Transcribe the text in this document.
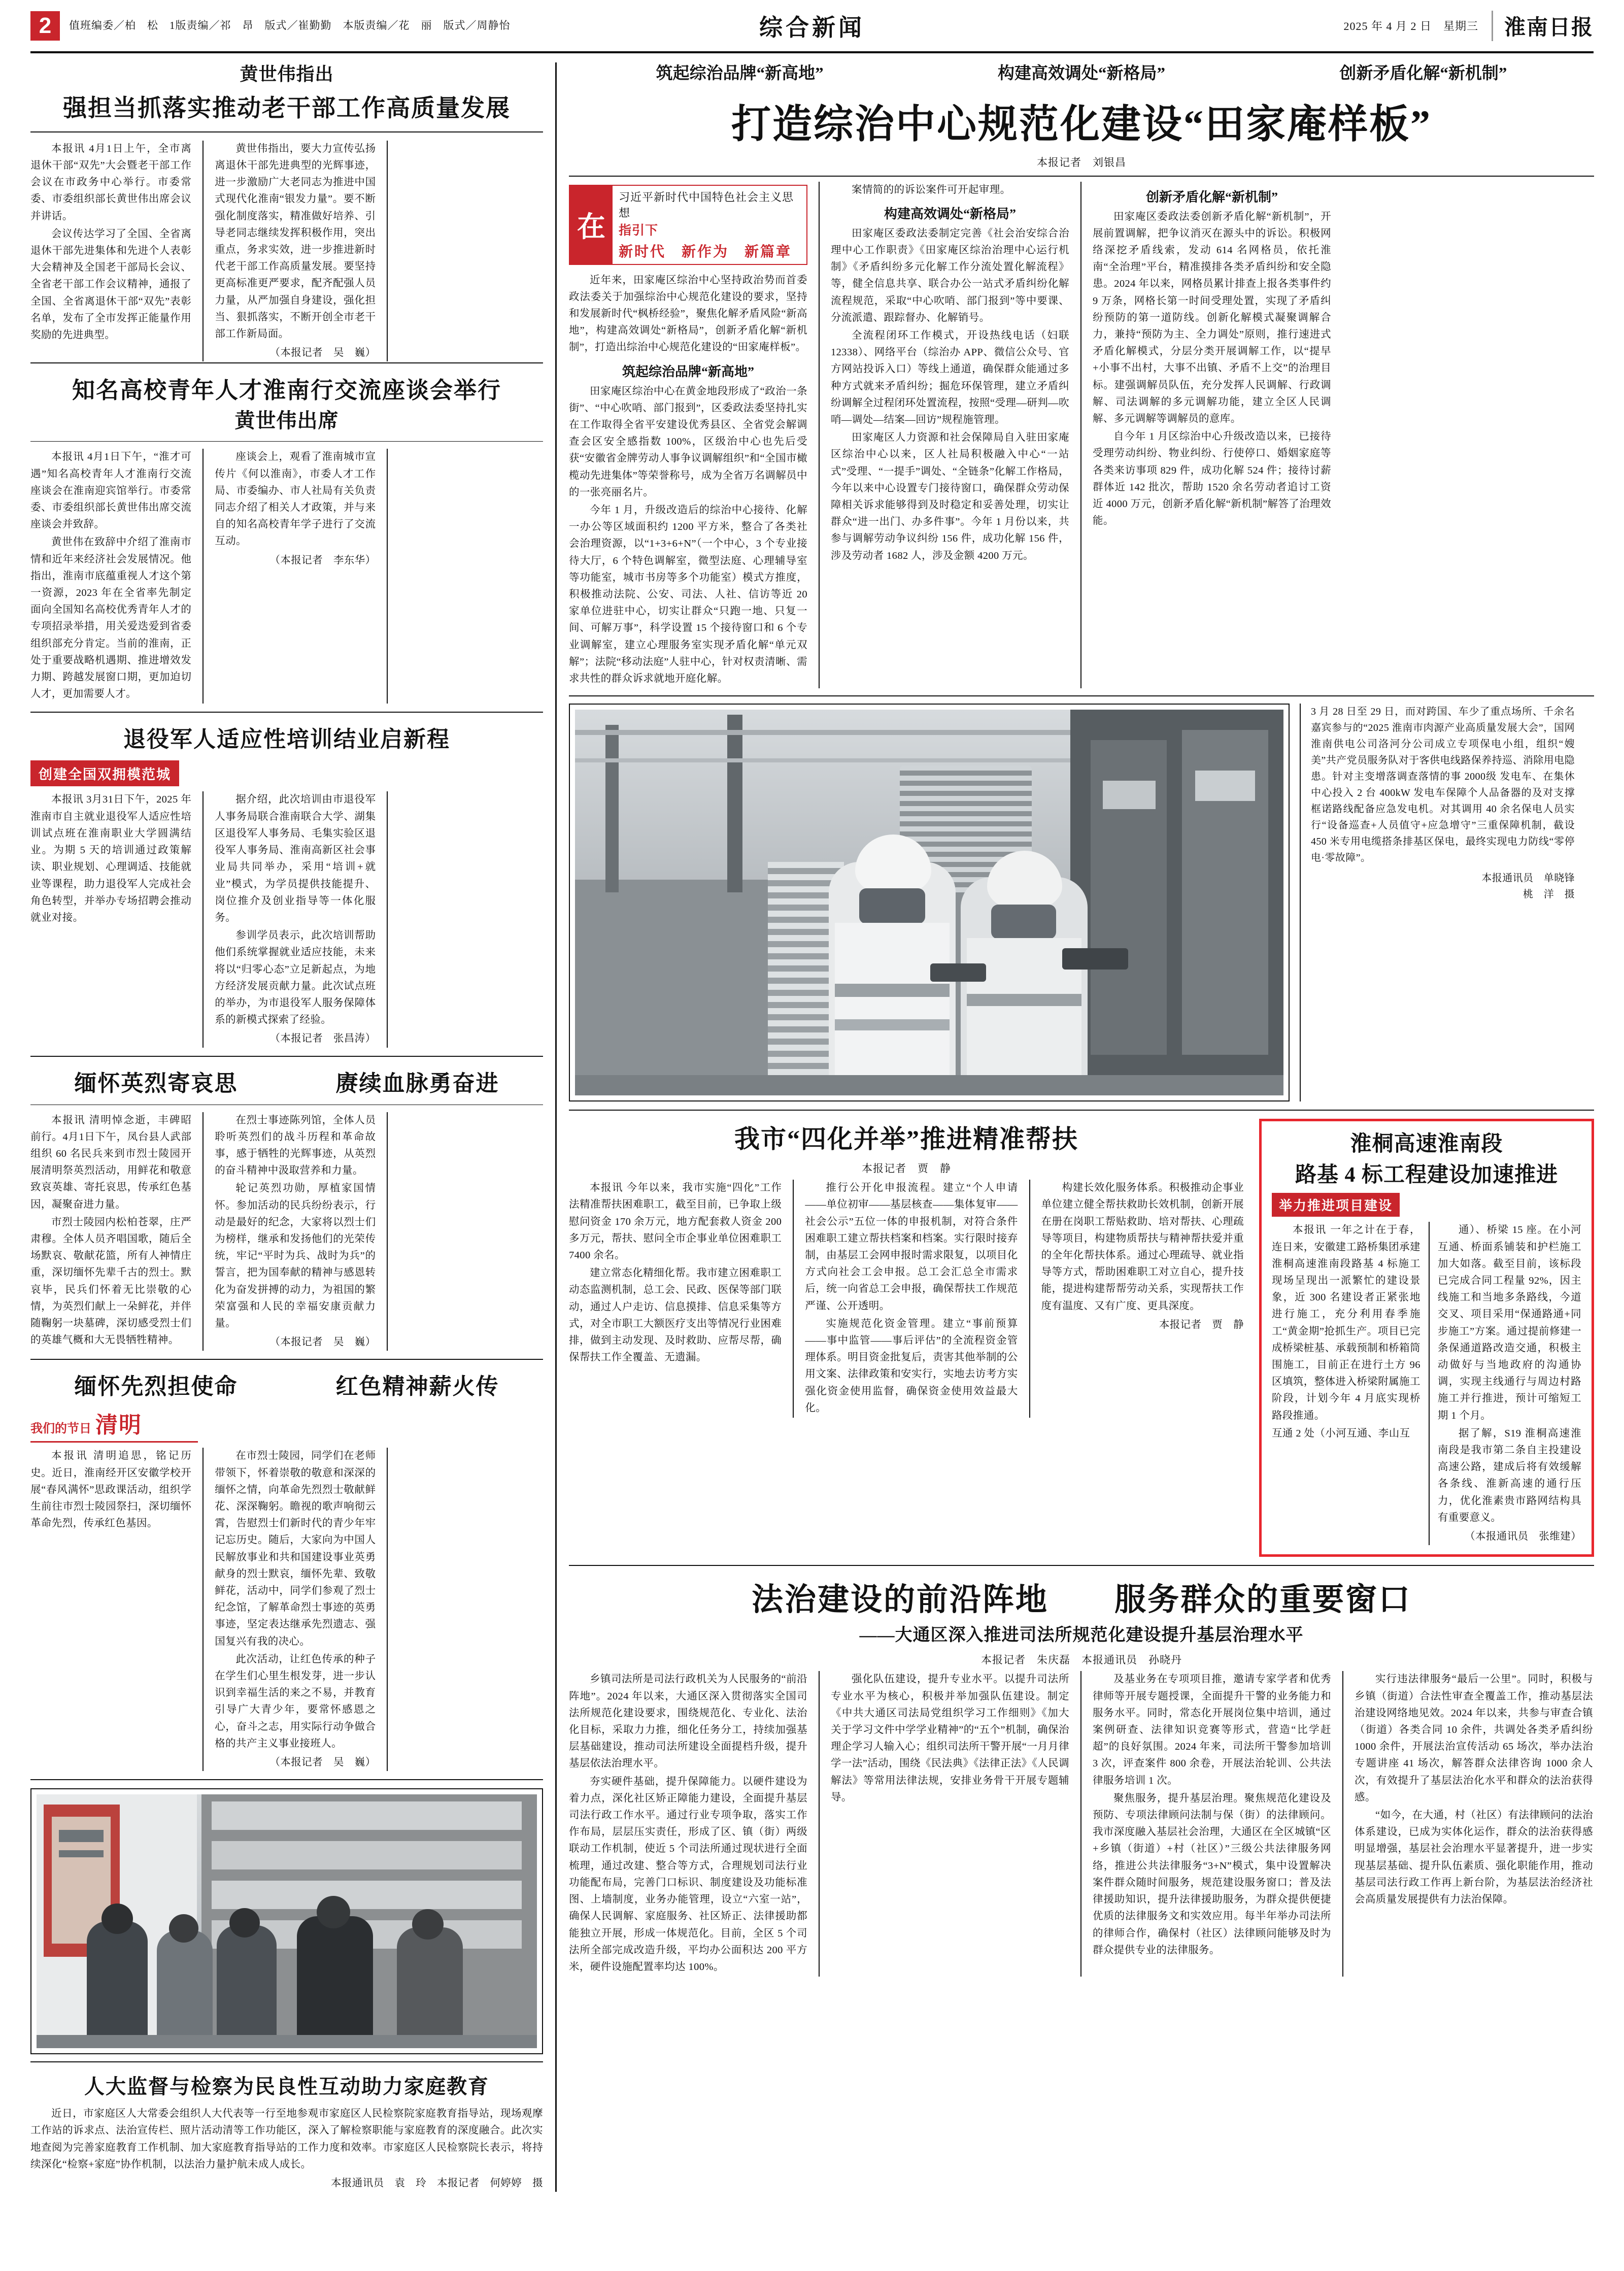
2	值班编委／柏　松　1版责编／祁　昂　版式／崔勤勤　本版责编／花　丽　版式／周静怡	综合新闻	2025 年 4 月 2 日　星期三	淮南日报
黄世伟指出
强担当抓落实推动老干部工作高质量发展

本报讯 4月1日上午，全市离退休干部“双先”大会暨老干部工作会议在市政务中心举行。市委常委、市委组织部长黄世伟出席会议并讲话。

会议传达学习了全国、全省离退休干部先进集体和先进个人表彰大会精神及全国老干部局长会议、全省老干部工作会议精神，通报了全国、全省离退休干部“双先”表彰名单，发布了全市发挥正能量作用奖励的先进典型。

黄世伟指出，要大力宣传弘扬离退休干部先进典型的光辉事迹，进一步激励广大老同志为推进中国式现代化淮南“银发力量”。要不断强化制度落实，精准做好培养、引导老同志继续发挥积极作用，突出重点，务求实效，进一步推进新时代老干部工作高质量发展。要坚持更高标准更严要求，配齐配强人员力量，从严加强自身建设，强化担当、狠抓落实，不断开创全市老干部工作新局面。

（本报记者　吴　巍）
知名高校青年人才淮南行交流座谈会举行
黄世伟出席

本报讯 4月1日下午，“淮才可遇”知名高校青年人才淮南行交流座谈会在淮南迎宾馆举行。市委常委、市委组织部长黄世伟出席交流座谈会并致辞。

黄世伟在致辞中介绍了淮南市情和近年来经济社会发展情况。他指出，淮南市底蕴重视人才这个第一资源，2023 年在全省率先制定面向全国知名高校优秀青年人才的专项招录举措，用关爱迭爱到省委组织部充分肯定。当前的淮南，正处于重要战略机遇期、推进增效发力期、跨越发展窗口期，更加迫切人才，更加需要人才。

座谈会上，观看了淮南城市宣传片《何以淮南》，市委人才工作局、市委编办、市人社局有关负责同志介绍了相关人才政策，并与来自的知名高校青年学子进行了交流互动。

（本报记者　李东华）
退役军人适应性培训结业启新程
创建全国双拥模范城

本报讯 3月31日下午，2025 年淮南市自主就业退役军人适应性培训试点班在淮南职业大学圆满结业。为期 5 天的培训通过政策解读、职业规划、心理调适、技能就业等课程，助力退役军人完成社会角色转型，并举办专场招聘会推动就业对接。

据介绍，此次培训由市退役军人事务局联合淮南联合大学、湖集区退役军人事务局、毛集实验区退役军人事务局、淮南高新区社会事业局共同举办，采用“培训+就业”模式，为学员提供技能提升、岗位推介及创业指导等一体化服务。

参训学员表示，此次培训帮助他们系统掌握就业适应技能，未来将以“归零心态”立足新起点，为地方经济发展贡献力量。此次试点班的举办，为市退役军人服务保障体系的新模式探索了经验。

（本报记者　张昌涛）
缅怀英烈寄哀思	赓续血脉勇奋进

本报讯 清明悼念逝，丰碑昭前行。4月1日下午，凤台县人武部组织 60 名民兵来到市烈士陵园开展清明祭英烈活动，用鲜花和敬意致哀英雄、寄托哀思，传承红色基因，凝聚奋进力量。

市烈士陵园内松柏苍翠，庄严肃穆。全体人员齐唱国歌，随后全场默哀、敬献花篮，所有人神情庄重，深切缅怀先辈千古的烈士。默哀毕，民兵们怀着无比崇敬的心情，为英烈们献上一朵鲜花，并伴随鞠躬一块墓碑，深切感受烈士们的英雄气概和大无畏牺牲精神。

在烈士事迹陈列馆，全体人员聆听英烈们的战斗历程和革命故事，感于牺牲的光辉事迹，从英烈的奋斗精神中汲取营养和力量。

轮记英烈功勋，厚植家国情怀。参加活动的民兵纷纷表示，行动是最好的纪念，大家将以烈士们为榜样，继承和发扬他们的光荣传统，牢记“平时为兵、战时为兵”的誓言，把为国奉献的精神与感恩转化为奋发拼搏的动力，为祖国的繁荣富强和人民的幸福安康贡献力量。

（本报记者　吴　巍）
缅怀先烈担使命	红色精神薪火传
我们的节日 清明

本报讯 清明追思，铭记历史。近日，淮南经开区安徽学校开展“春风满怀”思政课活动，组织学生前往市烈士陵园祭扫，深切缅怀革命先烈，传承红色基因。

在市烈士陵园，同学们在老师带领下，怀着崇敬的敬意和深深的缅怀之情，向革命先烈烈士敬献鲜花、深深鞠躬。瞻视的歌声响彻云霄，告慰烈士们新时代的青少年牢记忘历史。随后，大家向为中国人民解放事业和共和国建设事业英勇献身的烈士默哀，缅怀先辈、致敬鲜花，活动中，同学们参观了烈士纪念馆，了解革命烈士事迹的英勇事迹，坚定表达继承先烈遗志、强国复兴有我的决心。

此次活动，让红色传承的种子在学生们心里生根发芽，进一步认识到幸福生活的来之不易，并教育引导广大青少年，要常怀感恩之心，奋斗之志，用实际行动争做合格的共产主义事业接班人。

（本报记者　吴　巍）
人大监督与检察为民良性互动助力家庭教育

近日，市家庭区人大常委会组织人大代表等一行至地参观市家庭区人民检察院家庭教育指导站，现场观摩工作站的诉求点、法治宣传栏、照片活动清等工作功能区，深入了解检察职能与家庭教育的深度融合。此次实地查阅为完善家庭教育工作机制、加大家庭教育指导站的工作力度和效率。市家庭区人民检察院长表示，将持续深化“检察+家庭”协作机制，以法治力量护航未成人成长。

本报通讯员　袁　玲　本报记者　何婷婷　摄
筑起综治品牌“新高地”	构建高效调处“新格局”	创新矛盾化解“新机制”
打造综治中心规范化建设“田家庵样板”
本报记者　刘银昌
在
习近平新时代中国特色社会主义思想
指引下
新时代　新作为　新篇章

近年来，田家庵区综治中心坚持政治势而首委政法委关于加强综治中心规范化建设的要求，坚持和发展新时代“枫桥经验”，聚焦化解矛盾风险“新高地”，构建高效调处“新格局”，创新矛盾化解“新机制”，打造出综治中心规范化建设的“田家庵样板”。

筑起综治品牌“新高地”

田家庵区综治中心在黄金地段形成了“政治一条街”、“中心吹哨、部门报到”，区委政法委坚持扎实在工作取得全省平安建设优秀县区、全省党会解调查会区安全感指数 100%，区级治中心也先后受获“安徽省金牌劳动人事争议调解组织”和“全国市橄榄动先进集体”等荣誉称号，成为全省万名调解员中的一张亮丽名片。

今年 1 月，升级改造后的综治中心接待、化解一办公等区域面积约 1200 平方米，整合了各类社会治理资源，以“1+3+6+N”（一个中心，3 个专业接待大厅，6 个特色调解室，微型法庭、心理辅导室等功能室，城市书房等多个功能室）模式方推度，积极推动法院、公安、司法、人社、信访等近 20 家单位进驻中心，切实让群众“只跑一地、只复一间、可解万事”，科学设置 15 个接待窗口和 6 个专业调解室，建立心理服务室实现矛盾化解“单元双解”；法院“移动法庭”人驻中心，针对权责清晰、需求共性的群众诉求就地开庭化解。

案情简的的诉讼案件可开起审理。

构建高效调处“新格局”

田家庵区委政法委制定完善《社会治安综合治理中心工作职责》《田家庵区综治治理中心运行机制》《矛盾纠纷多元化解工作分流处置化解流程》等，健全信息共享、联合办公一站式矛盾纠纷化解流程规范，采取“中心吹哨、部门报到”等中要课、分流派遣、跟踪督办、化解销号。

全流程闭环工作模式，开设热线电话（妇联 12338）、网络平台（综治办 APP、微信公众号、官方网站投诉入口）等线上通道，确保群众能通过多种方式就来矛盾纠纷；掘危环保管理，建立矛盾纠纷调解全过程闭环处置流程，按照“受理—研判—吹哨—调处—结案—回访”规程施管理。

田家庵区人力资源和社会保障局自入驻田家庵区综治中心以来，区人社局积极融入中心“一站式”受理、“一提手”调处、“全链条”化解工作格局，今年以来中心设置专门接待窗口，确保群众劳动保障相关诉求能够得到及时稳定和妥善处理，切实让群众“进一出门、办多件事”。今年 1 月份以来，共参与调解劳动争议纠纷 156 件，成功化解 156 件，涉及劳动者 1682 人，涉及金额 4200 万元。

创新矛盾化解“新机制”

田家庵区委政法委创新矛盾化解“新机制”，开展前置调解，把争议消灭在源头中的诉讼。积极网络深挖矛盾线索，发动 614 名网格员，依托淮南“全治理”平台，精准摸排各类矛盾纠纷和安全隐患。2024 年以来，网格员累计排查上报各类事件约 9 万条，网格长第一时间受理处置，实现了矛盾纠纷预防的第一道防线。创新化解模式凝聚调解合力，兼持“预防为主、全力调处”原则，推行速进式矛盾化解模式，分层分类开展调解工作，以“提早+小事不出村，大事不出镇、矛盾不上交”的治理目标。建强调解员队伍，充分发挥人民调解、行政调解、司法调解的多元调解功能，建立全区人民调解、多元调解等调解员的意库。

自今年 1 月区综治中心升级改造以来，已接待受理劳动纠纷、物业纠纷、行使停口、婚姻家庭等各类来访事项 829 件，成功化解 524 件；接待讨薪群体近 142 批次，帮助 1520 余名劳动者追讨工资近 4000 万元，创新矛盾化解“新机制”解答了治理效能。

3 月 28 日至 29 日，而对跨国、车少了重点场所、千余名嘉宾参与的“2025 淮南市肉源产业高质量发展大会”，国网淮南供电公司洛河分公司成立专项保电小组，组织“嫂美”共产党员服务队对于客供电线路保养持巡、消除用电隐患。针对主变增落调查落情的事 2000级 发电车、在集休中心投入 2 台 400kW 发电车保障个人品备器的及对支撑框诺路线配备应急发电机。对其调用 40 余名保电人员实行“设备巡查+人员值守+应急增守”三重保障机制，截设 450 米专用电缆搭条排基区保电，最终实现电力防线“零停电·零故障”。
本报通讯员　单晓锋
桃　洋　摄
我市“四化并举”推进精准帮扶
本报记者　贾　静

本报讯 今年以来，我市实施“四化”工作法精准帮扶困难职工，截至目前，已争取上级慰问资金 170 余万元，地方配套救人资金 200 多万元，帮扶、慰问全市企事业单位困难职工 7400 余名。

建立常态化精细化帮。我市建立困难职工动态监测机制，总工会、民政、医保等部门联动，通过人户走访、信息摸排、信息采集等方式，对全市职工大额医疗支出等情况行业困难排，做到主动发现、及时救助、应帮尽帮，确保帮扶工作全覆盖、无遗漏。

推行公开化申报流程。建立“个人申请——单位初审——基层核查——集体复审——社会公示”五位一体的申报机制，对符合条件困难职工建立帮扶档案和档案。实行限时接弃制，由基层工会网申报时需求限复，以项目化方式向社会工会申报。总工会汇总全市需求后，统一向省总工会申报，确保帮扶工作规范严谨、公开透明。

实施规范化资金管理。建立“事前预算——事中监管——事后评估”的全流程资金管理体系。明目资金批复后，责害其他举制的公用文案、法律政策和安实行，实地去访考方实强化资金使用监督，确保资金使用效益最大化。

构建长效化服务体系。积极推动企事业单位建立健全帮扶救助长效机制，创新开展在册在岗职工帮贴救助、培对帮扶、心理疏导等项目，构建物质帮扶与精神帮扶爱并重的全年化帮扶体系。通过心理疏导、就业指导等方式，帮助困难职工对立自心，提升技能，提进构建帮帮劳动关系，实现帮扶工作度有温度、又有广度、更具深度。

本报记者　贾　静
淮桐高速淮南段
路基 4 标工程建设加速推进
举力推进项目建设

本报讯 一年之计在于春，连日来，安徽建工路桥集团承建淮桐高速淮南段路基 4 标施工现场呈现出一派繁忙的建设景象，近 300 名建设者正紧张地进行施工，充分利用春季施工“黄金期”抢抓生产。项目已完成桥梁桩基、承载预制和桥箱筒围施工，目前正在进行土方 96 区填筑，整体进入桥梁附属施工阶段，计划今年 4 月底实现桥路段推通。

互通 2 处（小河互通、李山互

通）、桥梁 15 座。在小河互通、桥面系铺装和护栏施工加大如落。截至目前，该标段已完成合同工程量 92%，因主线施工和当地多条路线，今道交叉、项目采用“保通路通+同步施工”方案。通过提前修建一条保通道路改造交通，积极主动做好与当地政府的沟通协调，实现主线通行与周边村路施工并行推进，预计可缩短工期 1 个月。

据了解，S19 淮桐高速淮南段是我市第二条自主投建设高速公路，建成后将有效缓解各条线、淮新高速的通行压力，优化淮素贵市路网结构具有重要意义。

（本报通讯员　张维建）
法治建设的前沿阵地　　服务群众的重要窗口
——大通区深入推进司法所规范化建设提升基层治理水平
本报记者　朱庆磊　本报通讯员　孙晓丹

乡镇司法所是司法行政机关为人民服务的“前沿阵地”。2024 年以来，大通区深入贯彻落实全国司法所规范化建设要求，围绕规范化、专业化、法治化目标，采取力力推，细化任务分工，持续加强基层基础建设，推动司法所建设全面提档升级，提升基层依法治理水平。

夯实硬件基础，提升保障能力。以硬件建设为着力点，深化社区矫正障能力建设，全面提升基层司法行政工作水平。通过行业专项争取，落实工作作布局，层层压实责任，形成了区、镇（街）两级联动工作机制，使近 5 个司法所通过现状进行全面梳理，通过改建、整合等方式，合理规划司法行业功能配布局，完善门口标识、制度建设及功能标准图、上墙制度，业务办能管理，设立“六室一站”，确保人民调解、家庭服务、社区矫正、法律援助都能独立开展，形成一体规范化。目前，全区 5 个司法所全部完成改造升级，平均办公面积达 200 平方米，硬件设施配置率均达 100%。

强化队伍建设，提升专业水平。以提升司法所专业水平为核心，积极并举加强队伍建设。制定《中共大通区司法局党组织学习工作细则》《加大关于学习文件中学学业精神”的“五个”机制，确保治理企学习人输入心；组织司法所干警开展“一月月律学一法”活动，围绕《民法典》《法律正法》《人民调解法》等常用法律法规，安排业务骨干开展专题辅导。

及基业务在专项项目推，邀请专家学者和优秀律师等开展专题授课，全面提升干警的业务能力和服务水平。同时，常态化开展岗位集中培训，通过案例研查、法律知识竞赛等形式，营造“比学赶超”的良好氛围。2024 年来，司法所干警参加培训 3 次，评查案件 800 余卷，开展法治轮训、公共法律服务培训 1 次。

聚焦服务，提升基层治理。聚焦规范化建设及预防、专项法律顾问法制与保（街）的法律顾问。我市深度融入基层社会治理，大通区在全区城镇“区+乡镇（街道）+村（社区）”三级公共法律服务网络，推进公共法律服务“3+N”模式，集中设置解决案件群众随时间服务，规范建设服务窗口；普及法律援助知识，提升法律援助服务，为群众提供便捷优质的法律服务文和实效应用。每半年举办司法所的律师合作，确保村（社区）法律顾问能够及时为群众提供专业的法律服务。

实行违法律服务“最后一公里”。同时，积极与乡镇（街道）合法性审查全覆盖工作，推动基层法治建设网络地见效。2024 年以来，共参与审查合镇（街道）各类合同 10 余件，共调处各类矛盾纠纷 1000 余件，开展法治宣传活动 65 场次，举办法治专题讲座 41 场次，解答群众法律咨询 1000 余人次，有效提升了基层法治化水平和群众的法治获得感。

“如今，在大通，村（社区）有法律顾问的法治体系建设，已成为实体化运作，群众的法治获得感明显增强，基层社会治理水平显著提升，进一步实现基层基础、提升队伍素质、强化职能作用，推动基层司法行政工作再上新台阶，为基层法治经济社会高质量发展提供有力法治保障。
